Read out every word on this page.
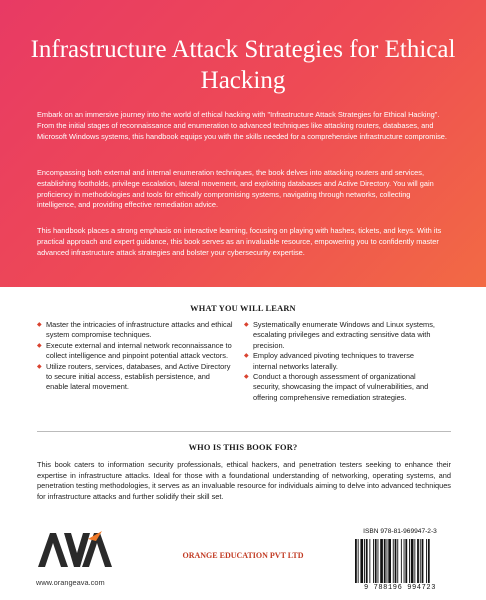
Infrastructure Attack Strategies for Ethical Hacking

Embark on an immersive journey into the world of ethical hacking with "Infrastructure Attack Strategies for Ethical Hacking". From the initial stages of reconnaissance and enumeration to advanced techniques like attacking routers, databases, and Microsoft Windows systems, this handbook equips you with the skills needed for a comprehensive infrastructure compromise.

Encompassing both external and internal enumeration techniques, the book delves into attacking routers and services, establishing footholds, privilege escalation, lateral movement, and exploiting databases and Active Directory. You will gain proficiency in methodologies and tools for ethically compromising systems, navigating through networks, collecting intelligence, and providing effective remediation advice.

This handbook places a strong emphasis on interactive learning, focusing on playing with hashes, tickets, and keys. With its practical approach and expert guidance, this book serves as an invaluable resource, empowering you to confidently master advanced infrastructure attack strategies and bolster your cybersecurity expertise.

WHAT YOU WILL LEARN
◆ Master the intricacies of infrastructure attacks and ethical system compromise techniques.
◆ Execute external and internal network reconnaissance to collect intelligence and pinpoint potential attack vectors.
◆ Utilize routers, services, databases, and Active Directory to secure initial access, establish persistence, and enable lateral movement.
◆ Systematically enumerate Windows and Linux systems, escalating privileges and extracting sensitive data with precision.
◆ Employ advanced pivoting techniques to traverse internal networks laterally.
◆ Conduct a thorough assessment of organizational security, showcasing the impact of vulnerabilities, and offering comprehensive remediation strategies.
WHO IS THIS BOOK FOR?

This book caters to information security professionals, ethical hackers, and penetration testers seeking to enhance their expertise in infrastructure attacks. Ideal for those with a foundational understanding of networking, operating systems, and penetration testing methodologies, it serves as an invaluable resource for individuals aiming to delve into advanced techniques for infrastructure attacks and further solidify their skill set.

www.orangeava.com
ORANGE EDUCATION PVT LTD
ISBN 978-81-969947-2-3
9 788196 994723
